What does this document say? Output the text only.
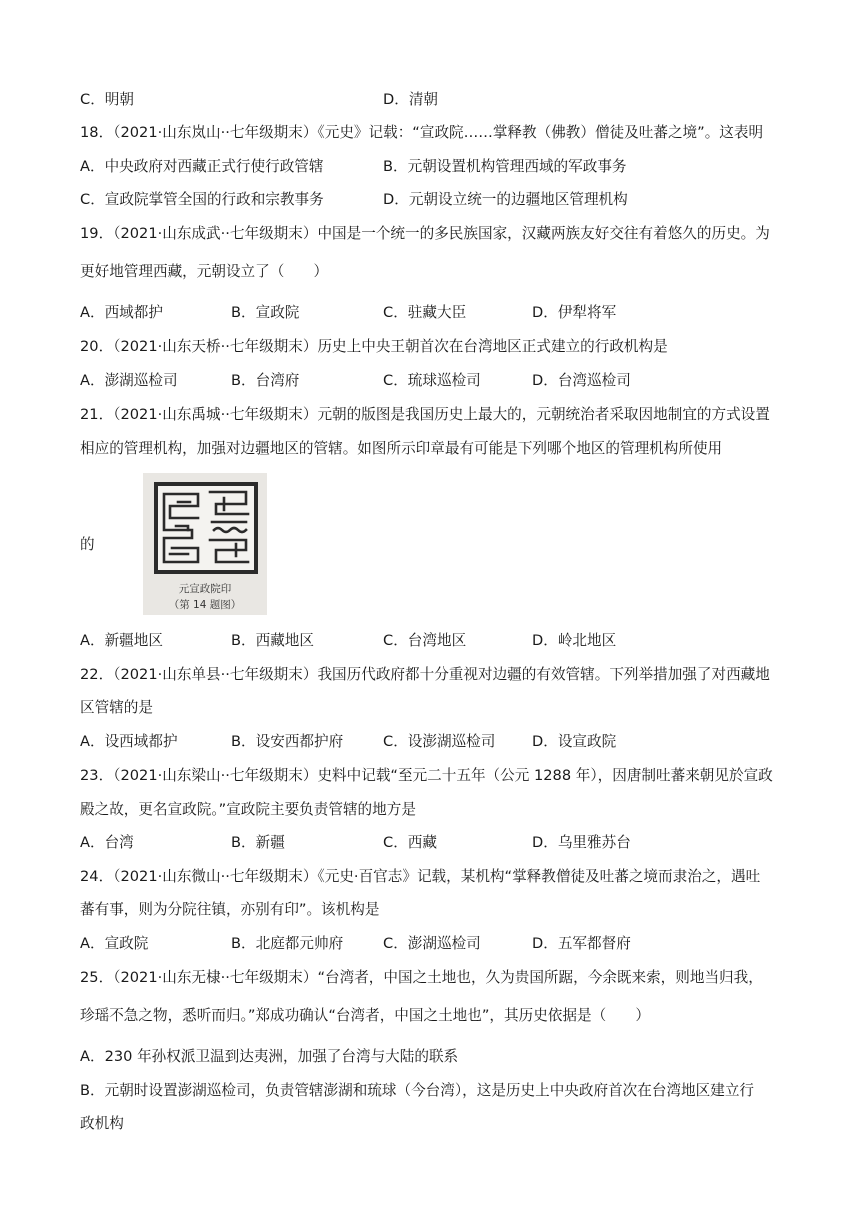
C．明朝	D．清朝
18．（2021·山东岚山··七年级期末）《元史》记载：“宣政院……掌释教（佛教）僧徒及吐蕃之境”。这表明
A．中央政府对西藏正式行使行政管辖	B．元朝设置机构管理西域的军政事务
C．宣政院掌管全国的行政和宗教事务	D．元朝设立统一的边疆地区管理机构
19．（2021·山东成武··七年级期末）中国是一个统一的多民族国家，汉藏两族友好交往有着悠久的历史。为
更好地管理西藏，元朝设立了（　　）
A．西域都护	B．宣政院	C．驻藏大臣	D．伊犁将军
20．（2021·山东天桥··七年级期末）历史上中央王朝首次在台湾地区正式建立的行政机构是
A．澎湖巡检司	B．台湾府	C．琉球巡检司	D．台湾巡检司
21．（2021·山东禹城··七年级期末）元朝的版图是我国历史上最大的，元朝统治者采取因地制宜的方式设置
相应的管理机构，加强对边疆地区的管辖。如图所示印章最有可能是下列哪个地区的管理机构所使用
的
元宣政院印
（第 14 题图）
A．新疆地区	B．西藏地区	C．台湾地区	D．岭北地区
22．（2021·山东单县··七年级期末）我国历代政府都十分重视对边疆的有效管辖。下列举措加强了对西藏地
区管辖的是
A．设西域都护	B．设安西都护府	C．设澎湖巡检司	D．设宣政院
23．（2021·山东梁山··七年级期末）史料中记载“至元二十五年（公元 1288 年），因唐制吐蕃来朝见於宣政
殿之故，更名宣政院。”宣政院主要负责管辖的地方是
A．台湾	B．新疆	C．西藏	D．乌里雅苏台
24．（2021·山东微山··七年级期末）《元史·百官志》记载，某机构“掌释教僧徒及吐蕃之境而隶治之，遇吐
蕃有事，则为分院往镇，亦别有印”。该机构是
A．宣政院	B．北庭都元帅府	C．澎湖巡检司	D．五军都督府
25．（2021·山东无棣··七年级期末）“台湾者，中国之土地也，久为贵国所踞，今余既来索，则地当归我，
珍瑶不急之物，悉听而归。”郑成功确认“台湾者，中国之土地也”，其历史依据是（　　）
A．230 年孙权派卫温到达夷洲，加强了台湾与大陆的联系
B．元朝时设置澎湖巡检司，负责管辖澎湖和琉球（今台湾），这是历史上中央政府首次在台湾地区建立行
政机构
